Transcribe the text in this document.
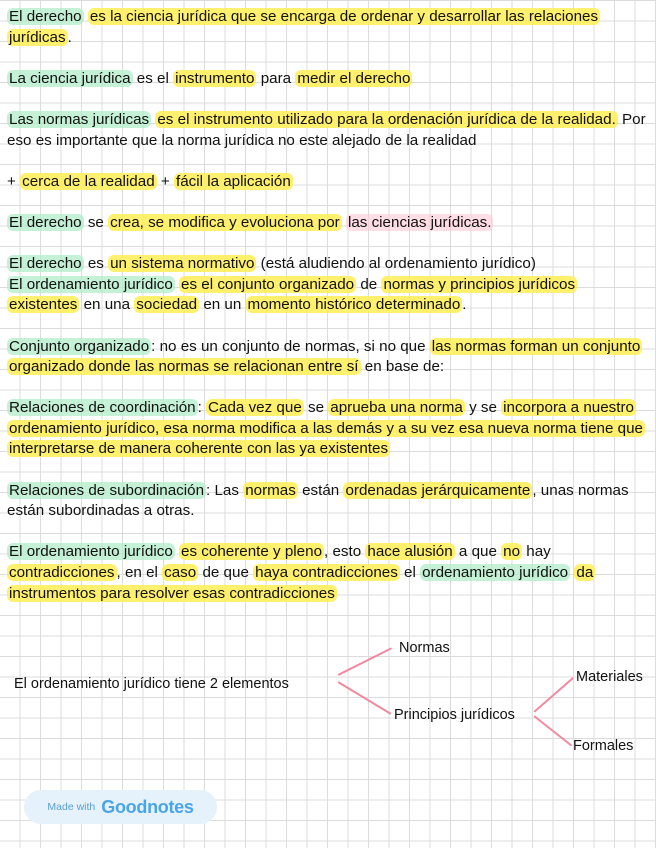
El derecho es la ciencia jurídica que se encarga de ordenar y desarrollar las relaciones jurídicas .

La ciencia jurídica es el instrumento para medir el derecho

Las normas jurídicas es el instrumento utilizado para la ordenación jurídica de la realidad. Por eso es importante que la norma jurídica no este alejado de la realidad

+ cerca de la realidad + fácil la aplicación

El derecho se crea, se modifica y evoluciona por las ciencias jurídicas.

El derecho es un sistema normativo (está aludiendo al ordenamiento jurídico)
El ordenamiento jurídico es el conjunto organizado de normas y principios jurídicos existentes en una sociedad en un momento histórico determinado .

Conjunto organizado : no es un conjunto de normas, si no que las normas forman un conjunto organizado donde las normas se relacionan entre sí en base de:

Relaciones de coordinación : Cada vez que se aprueba una norma y se incorpora a nuestro ordenamiento jurídico, esa norma modifica a las demás y a su vez esa nueva norma tiene que interpretarse de manera coherente con las ya existentes

Relaciones de subordinación : Las normas están ordenadas jerárquicamente , unas normas están subordinadas a otras.

El ordenamiento jurídico es coherente y pleno , esto hace alusión a que no hay contradicciones , en el caso de que haya contradicciones el ordenamiento jurídico da instrumentos para resolver esas contradicciones

El ordenamiento jurídico tiene 2 elementos
Normas
Principios jurídicos
Materiales
Formales
Made with Goodnotes
